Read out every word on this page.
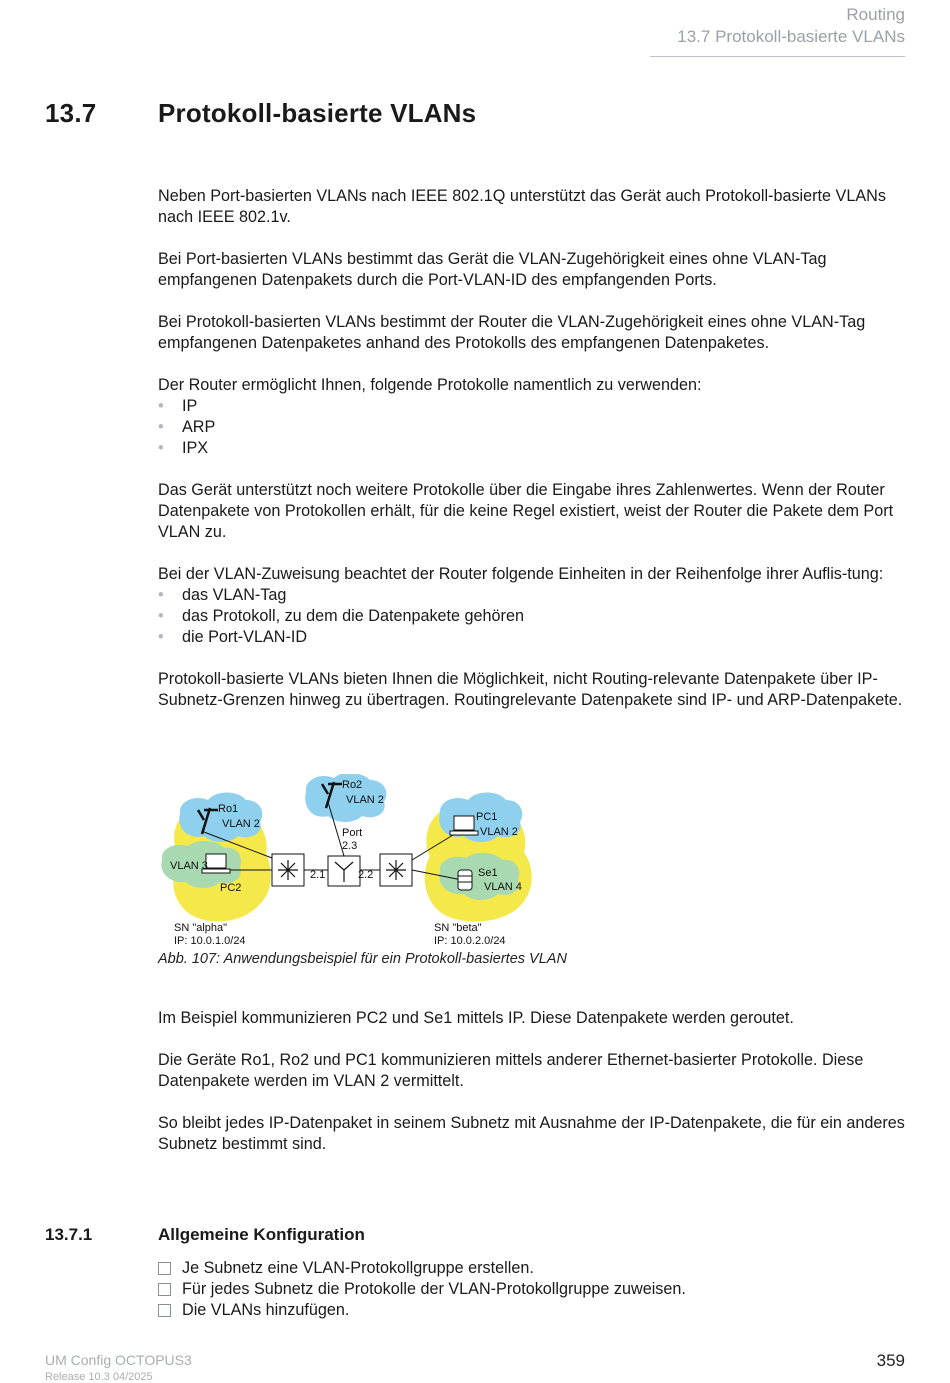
Routing
13.7 Protokoll-basierte VLANs
13.7 Protokoll-basierte VLANs

Neben Port-basierten VLANs nach IEEE 802.1Q unterstützt das Gerät auch Protokoll-basierte VLANs nach IEEE 802.1v.

Bei Port-basierten VLANs bestimmt das Gerät die VLAN-Zugehörigkeit eines ohne VLAN-Tag empfangenen Datenpakets durch die Port-VLAN-ID des empfangenden Ports.

Bei Protokoll-basierten VLANs bestimmt der Router die VLAN-Zugehörigkeit eines ohne VLAN-Tag empfangenen Datenpaketes anhand des Protokolls des empfangenen Datenpaketes.

Der Router ermöglicht Ihnen, folgende Protokolle namentlich zu verwenden:

• IP
• ARP
• IPX

Das Gerät unterstützt noch weitere Protokolle über die Eingabe ihres Zahlenwertes. Wenn der Router Datenpakete von Protokollen erhält, für die keine Regel existiert, weist der Router die Pakete dem Port VLAN zu.

Bei der VLAN-Zuweisung beachtet der Router folgende Einheiten in der Reihenfolge ihrer Auflis-tung:

• das VLAN-Tag
• das Protokoll, zu dem die Datenpakete gehören
• die Port-VLAN-ID

Protokoll-basierte VLANs bieten Ihnen die Möglichkeit, nicht Routing-relevante Datenpakete über IP-Subnetz-Grenzen hinweg zu übertragen. Routingrelevante Datenpakete sind IP- und ARP-Datenpakete.

Ro1
VLAN 2
Ro2
VLAN 2
Port
2.3
PC1
VLAN 2
VLAN 3
PC2
Se1
VLAN 4
2.1	2.2
SN "alpha"
IP: 10.0.1.0/24
SN "beta"
IP: 10.0.2.0/24
Abb. 107: Anwendungsbeispiel für ein Protokoll-basiertes VLAN

Im Beispiel kommunizieren PC2 und Se1 mittels IP. Diese Datenpakete werden geroutet.

Die Geräte Ro1, Ro2 und PC1 kommunizieren mittels anderer Ethernet-basierter Protokolle. Diese Datenpakete werden im VLAN 2 vermittelt.

So bleibt jedes IP-Datenpaket in seinem Subnetz mit Ausnahme der IP-Datenpakete, die für ein anderes Subnetz bestimmt sind.

13.7.1	Allgemeine Konfiguration
Je Subnetz eine VLAN-Protokollgruppe erstellen.
Für jedes Subnetz die Protokolle der VLAN-Protokollgruppe zuweisen.
Die VLANs hinzufügen.
UM Config OCTOPUS3
Release 10.3 04/2025
359
